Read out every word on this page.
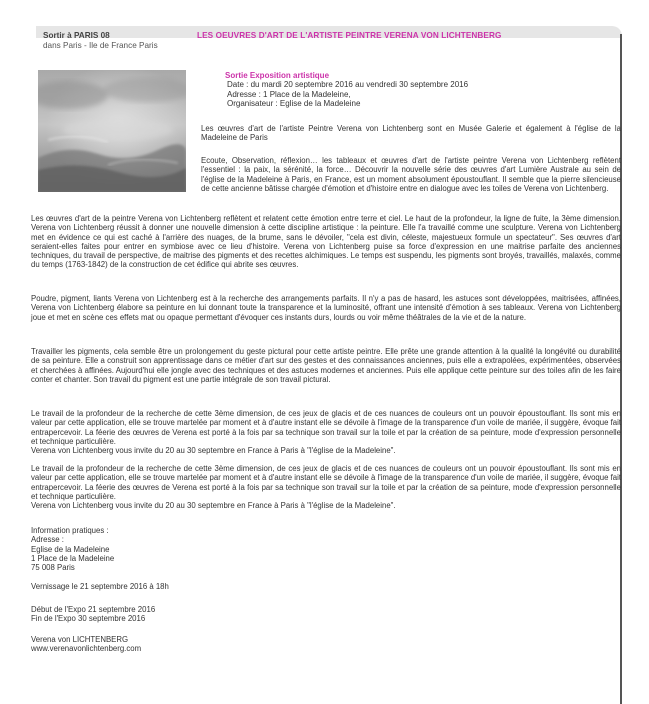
Sortir à PARIS 08
dans Paris - Ile de France Paris
LES OEUVRES D'ART DE L'ARTISTE PEINTRE VERENA VON LICHTENBERG
Sortie Exposition artistique
Date : du mardi 20 septembre 2016 au vendredi 30 septembre 2016
Adresse : 1 Place de la Madeleine,
Organisateur : Eglise de la Madeleine

Les œuvres d'art de l'artiste Peintre Verena von Lichtenberg sont en Musée Galerie et également à l'église de la Madeleine de Paris

Ecoute, Observation, réflexion… les tableaux et œuvres d'art de l'artiste peintre Verena von Lichtenberg reflètent l'essentiel : la paix, la sérénité, la force… Découvrir la nouvelle série des œuvres d'art Lumière Australe au sein de l'église de la Madeleine à Paris, en France, est un moment absolument époustouflant. Il semble que la pierre silencieuse de cette ancienne bâtisse chargée d'émotion et d'histoire entre en dialogue avec les toiles de Verena von Lichtenberg.

Les œuvres d'art de la peintre Verena von Lichtenberg reflètent et relatent cette émotion entre terre et ciel. Le haut de la profondeur, la ligne de fuite, la 3ème dimension. Verena von Lichtenberg réussit à donner une nouvelle dimension à cette discipline artistique : la peinture. Elle l'a travaillé comme une sculpture. Verena von Lichtenberg met en évidence ce qui est caché à l'arrière des nuages, de la brume, sans le dévoiler, "cela est divin, céleste, majestueux formule un spectateur". Ses œuvres d'art seraient-elles faites pour entrer en symbiose avec ce lieu d'histoire. Verena von Lichtenberg puise sa force d'expression en une maitrise parfaite des anciennes techniques, du travail de perspective, de maitrise des pigments et des recettes alchimiques. Le temps est suspendu, les pigments sont broyés, travaillés, malaxés, comme du temps (1763-1842) de la construction de cet édifice qui abrite ses œuvres.

Poudre, pigment, liants Verena von Lichtenberg est à la recherche des arrangements parfaits. Il n'y a pas de hasard, les astuces sont développées, maitrisées, affinées, Verena von Lichtenberg élabore sa peinture en lui donnant toute la transparence et la luminosité, offrant une intensité d'émotion à ses tableaux. Verena von Lichtenberg joue et met en scène ces effets mat ou opaque permettant d'évoquer ces instants durs, lourds ou voir même théâtrales de la vie et de la nature.

Travailler les pigments, cela semble être un prolongement du geste pictural pour cette artiste peintre. Elle prête une grande attention à la qualité la longévité ou durabilité de sa peinture. Elle a construit son apprentissage dans ce métier d'art sur des gestes et des connaissances anciennes, puis elle a extrapolées, expérimentées, observées et cherchées à affinées. Aujourd'hui elle jongle avec des techniques et des astuces modernes et anciennes. Puis elle applique cette peinture sur des toiles afin de les faire conter et chanter. Son travail du pigment est une partie intégrale de son travail pictural.

Le travail de la profondeur de la recherche de cette 3ème dimension, de ces jeux de glacis et de ces nuances de couleurs ont un pouvoir époustouflant. Ils sont mis en valeur par cette application, elle se trouve martelée par moment et à d'autre instant elle se dévoile à l'image de la transparence d'un voile de mariée, il suggère, évoque fait entrapercevoir. La féerie des œuvres de Verena est porté à la fois par sa technique son travail sur la toile et par la création de sa peinture, mode d'expression personnelle et technique particulière.
Verena von Lichtenberg vous invite du 20 au 30 septembre en France à Paris à "l'église de la Madeleine".

Le travail de la profondeur de la recherche de cette 3ème dimension, de ces jeux de glacis et de ces nuances de couleurs ont un pouvoir époustouflant. Ils sont mis en valeur par cette application, elle se trouve martelée par moment et à d'autre instant elle se dévoile à l'image de la transparence d'un voile de mariée, il suggère, évoque fait entrapercevoir. La féerie des œuvres de Verena est porté à la fois par sa technique son travail sur la toile et par la création de sa peinture, mode d'expression personnelle et technique particulière.
Verena von Lichtenberg vous invite du 20 au 30 septembre en France à Paris à "l'église de la Madeleine".

Information pratiques :
Adresse :
Eglise de la Madeleine
1 Place de la Madeleine
75 008 Paris
Vernissage le 21 septembre 2016 à 18h
Début de l'Expo 21 septembre 2016
Fin de l'Expo 30 septembre 2016
Verena von LICHTENBERG
www.verenavonlichtenberg.com
